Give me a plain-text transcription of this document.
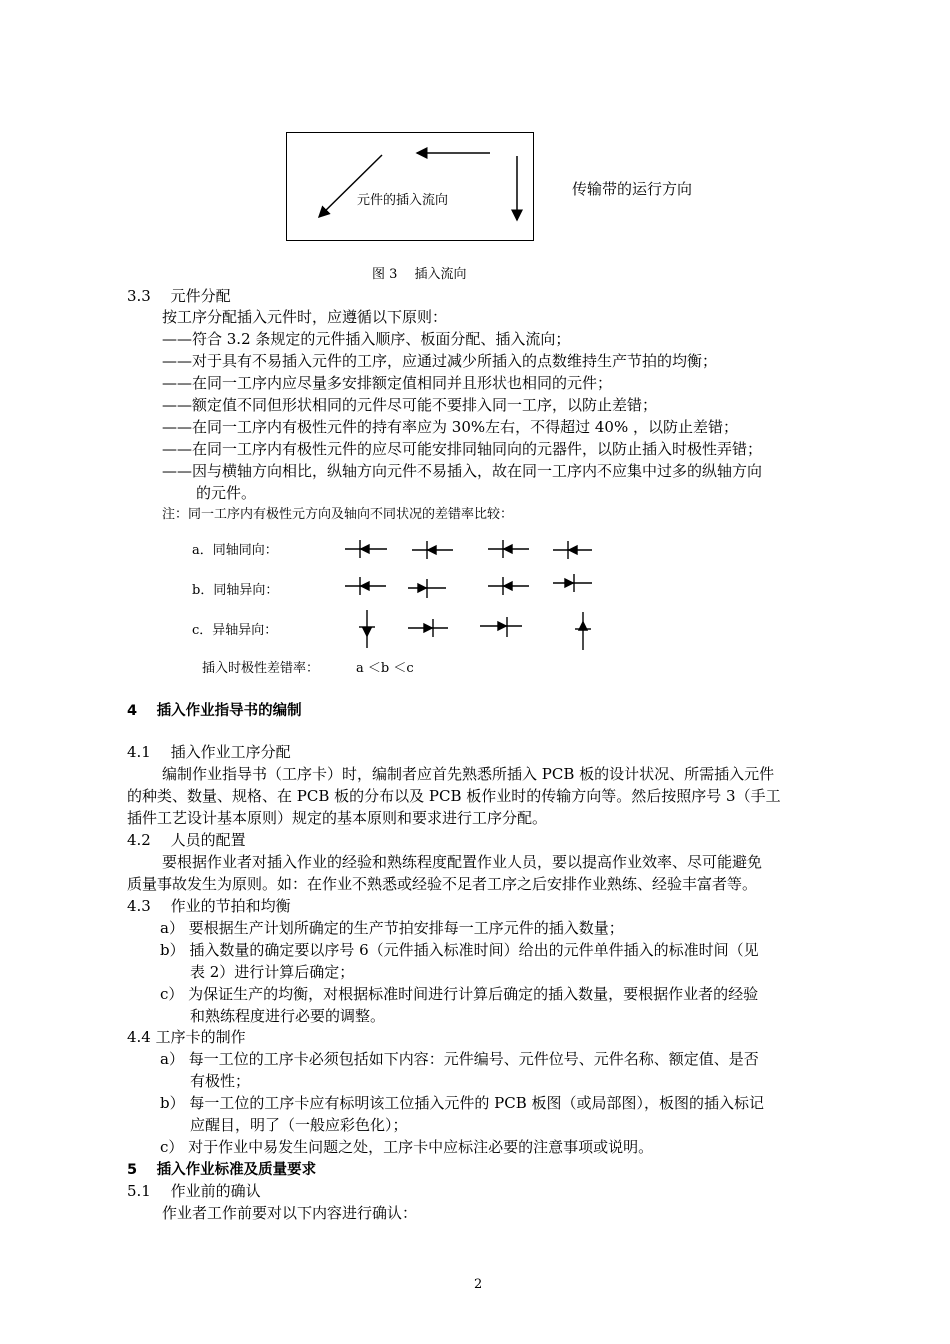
元件的插入流向
传输带的运行方向
图 3　 插入流向
3.3　 元件分配
按工序分配插入元件时，应遵循以下原则：
——符合 3.2 条规定的元件插入顺序、板面分配、插入流向；
——对于具有不易插入元件的工序，应通过减少所插入的点数维持生产节拍的均衡；
——在同一工序内应尽量多安排额定值相同并且形状也相同的元件；
——额定值不同但形状相同的元件尽可能不要排入同一工序，以防止差错；
——在同一工序内有极性元件的持有率应为 30%左右，不得超过 40% ，以防止差错；
——在同一工序内有极性元件的应尽可能安排同轴同向的元器件，以防止插入时极性弄错；
——因与横轴方向相比，纵轴方向元件不易插入，故在同一工序内不应集中过多的纵轴方向
的元件。
注：同一工序内有极性元方向及轴向不同状况的差错率比较：
a．同轴同向：
b．同轴异向：
c．异轴异向：
插入时极性差错率：	a ＜b ＜c
4 　插入作业指导书的编制
4.1　 插入作业工序分配
编制作业指导书（工序卡）时，编制者应首先熟悉所插入 PCB 板的设计状况、所需插入元件
的种类、数量、规格、在 PCB 板的分布以及 PCB 板作业时的传输方向等。然后按照序号 3（手工
插件工艺设计基本原则）规定的基本原则和要求进行工序分配。
4.2　 人员的配置
要根据作业者对插入作业的经验和熟练程度配置作业人员，要以提高作业效率、尽可能避免
质量事故发生为原则。如：在作业不熟悉或经验不足者工序之后安排作业熟练、经验丰富者等。
4.3　 作业的节拍和均衡
a） 要根据生产计划所确定的生产节拍安排每一工序元件的插入数量；
b） 插入数量的确定要以序号 6（元件插入标准时间）给出的元件单件插入的标准时间（见
表 2）进行计算后确定；
c） 为保证生产的均衡，对根据标准时间进行计算后确定的插入数量，要根据作业者的经验
和熟练程度进行必要的调整。
4.4 工序卡的制作
a） 每一工位的工序卡必须包括如下内容：元件编号、元件位号、元件名称、额定值、是否
有极性；
b） 每一工位的工序卡应有标明该工位插入元件的 PCB 板图（或局部图），板图的插入标记
应醒目，明了（一般应彩色化）；
c） 对于作业中易发生问题之处，工序卡中应标注必要的注意事项或说明。
5 　插入作业标准及质量要求
5.1　 作业前的确认
作业者工作前要对以下内容进行确认：
2
